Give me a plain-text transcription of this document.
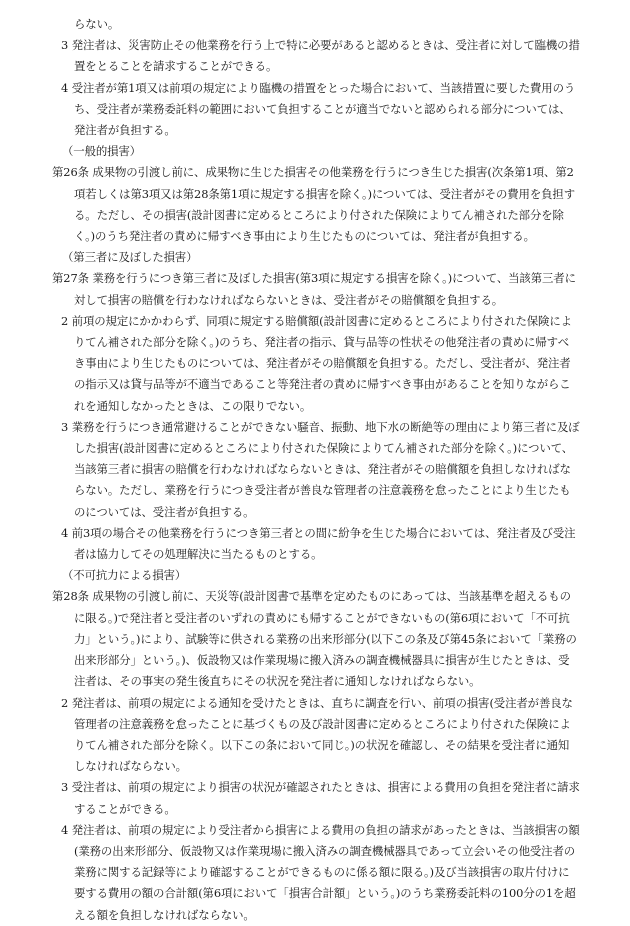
らない。

3 発注者は、災害防止その他業務を行う上で特に必要があると認めるときは、受注者に対して臨機の措置をとることを請求することができる。

4 受注者が第1項又は前項の規定により臨機の措置をとった場合において、当該措置に要した費用のうち、受注者が業務委託料の範囲において負担することが適当でないと認められる部分については、発注者が負担する。

（一般的損害）

第26条 成果物の引渡し前に、成果物に生じた損害その他業務を行うにつき生じた損害(次条第1項、第2項若しくは第3項又は第28条第1項に規定する損害を除く。)については、受注者がその費用を負担する。ただし、その損害(設計図書に定めるところにより付された保険によりてん補された部分を除く。)のうち発注者の責めに帰すべき事由により生じたものについては、発注者が負担する。

（第三者に及ぼした損害）

第27条 業務を行うにつき第三者に及ぼした損害(第3項に規定する損害を除く。)について、当該第三者に対して損害の賠償を行わなければならないときは、受注者がその賠償額を負担する。

2 前項の規定にかかわらず、同項に規定する賠償額(設計図書に定めるところにより付された保険によりてん補された部分を除く。)のうち、発注者の指示、貸与品等の性状その他発注者の責めに帰すべき事由により生じたものについては、発注者がその賠償額を負担する。ただし、受注者が、発注者の指示又は貸与品等が不適当であること等発注者の責めに帰すべき事由があることを知りながらこれを通知しなかったときは、この限りでない。

3 業務を行うにつき通常避けることができない騒音、振動、地下水の断絶等の理由により第三者に及ぼした損害(設計図書に定めるところにより付された保険によりてん補された部分を除く。)について、当該第三者に損害の賠償を行わなければならないときは、発注者がその賠償額を負担しなければならない。ただし、業務を行うにつき受注者が善良な管理者の注意義務を怠ったことにより生じたものについては、受注者が負担する。

4 前3項の場合その他業務を行うにつき第三者との間に紛争を生じた場合においては、発注者及び受注者は協力してその処理解決に当たるものとする。

（不可抗力による損害）

第28条 成果物の引渡し前に、天災等(設計図書で基準を定めたものにあっては、当該基準を超えるものに限る。)で発注者と受注者のいずれの責めにも帰することができないもの(第6項において「不可抗力」という。)により、試験等に供される業務の出来形部分(以下この条及び第45条において「業務の出来形部分」という。)、仮設物又は作業現場に搬入済みの調査機械器具に損害が生じたときは、受注者は、その事実の発生後直ちにその状況を発注者に通知しなければならない。

2 発注者は、前項の規定による通知を受けたときは、直ちに調査を行い、前項の損害(受注者が善良な管理者の注意義務を怠ったことに基づくもの及び設計図書に定めるところにより付された保険によりてん補された部分を除く。以下この条において同じ。)の状況を確認し、その結果を受注者に通知しなければならない。

3 受注者は、前項の規定により損害の状況が確認されたときは、損害による費用の負担を発注者に請求することができる。

4 発注者は、前項の規定により受注者から損害による費用の負担の請求があったときは、当該損害の額(業務の出来形部分、仮設物又は作業現場に搬入済みの調査機械器具であって立会いその他受注者の業務に関する記録等により確認することができるものに係る額に限る。)及び当該損害の取片付けに要する費用の額の合計額(第6項において「損害合計額」という。)のうち業務委託料の100分の1を超える額を負担しなければならない。
